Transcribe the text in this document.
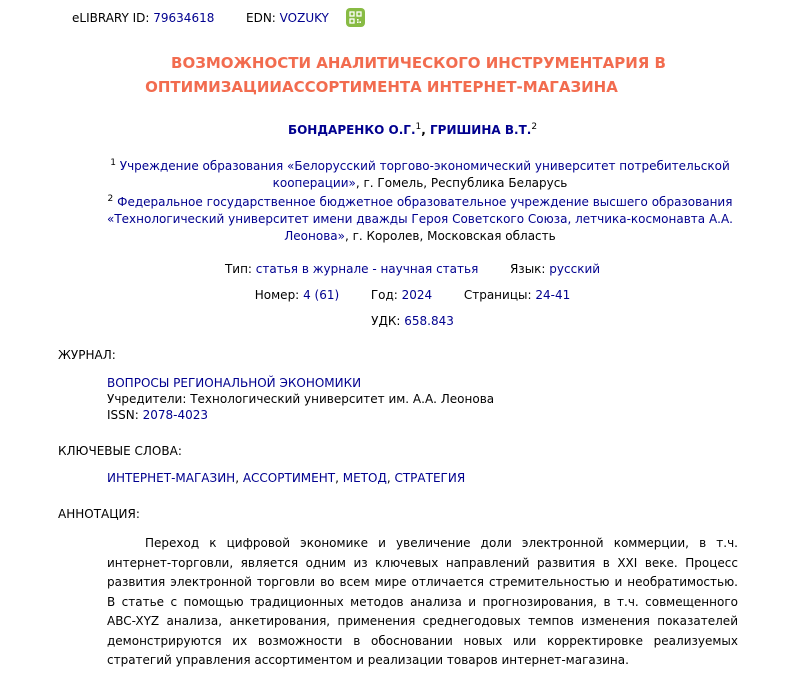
eLIBRARY ID: 79634618	EDN: VOZUKY
ВОЗМОЖНОСТИ АНАЛИТИЧЕСКОГО ИНСТРУМЕНТАРИЯ В
ОПТИМИЗАЦИИАССОРТИМЕНТА ИНТЕРНЕТ-МАГАЗИНА
БОНДАРЕНКО О.Г.$^1$, ГРИШИНА В.Т.$^2$
$^1$ Учреждение образования «Белорусский торгово-экономический университет потребительской кооперации», г. Гомель, Республика Беларусь
$^2$ Федеральное государственное бюджетное образовательное учреждение высшего образования «Технологический университет имени дважды Героя Советского Союза, летчика-космонавта А.А. Леонова», г. Королев, Московская область
Тип: статья в журнале - научная статья	Язык: русский
Номер: 4 (61)	Год: 2024	Страницы: 24-41
УДК: 658.843
ЖУРНАЛ:
ВОПРОСЫ РЕГИОНАЛЬНОЙ ЭКОНОМИКИ
Учредители: Технологический университет им. А.А. Леонова
ISSN: 2078-4023
КЛЮЧЕВЫЕ СЛОВА:
ИНТЕРНЕТ-МАГАЗИН, АССОРТИМЕНТ, МЕТОД, СТРАТЕГИЯ
АННОТАЦИЯ:
Переход к цифровой экономике и увеличение доли электронной коммерции, в т.ч. интернет-торговли, является одним из ключевых направлений развития в XXI веке. Процесс развития электронной торговли во всем мире отличается стремительностью и необратимостью. В статье с помощью традиционных методов анализа и прогнозирования, в т.ч. совмещенного ABC-XYZ анализа, анкетирования, применения среднегодовых темпов изменения показателей демонстрируются их возможности в обосновании новых или корректировке реализуемых стратегий управления ассортиментом и реализации товаров интернет-магазина.
